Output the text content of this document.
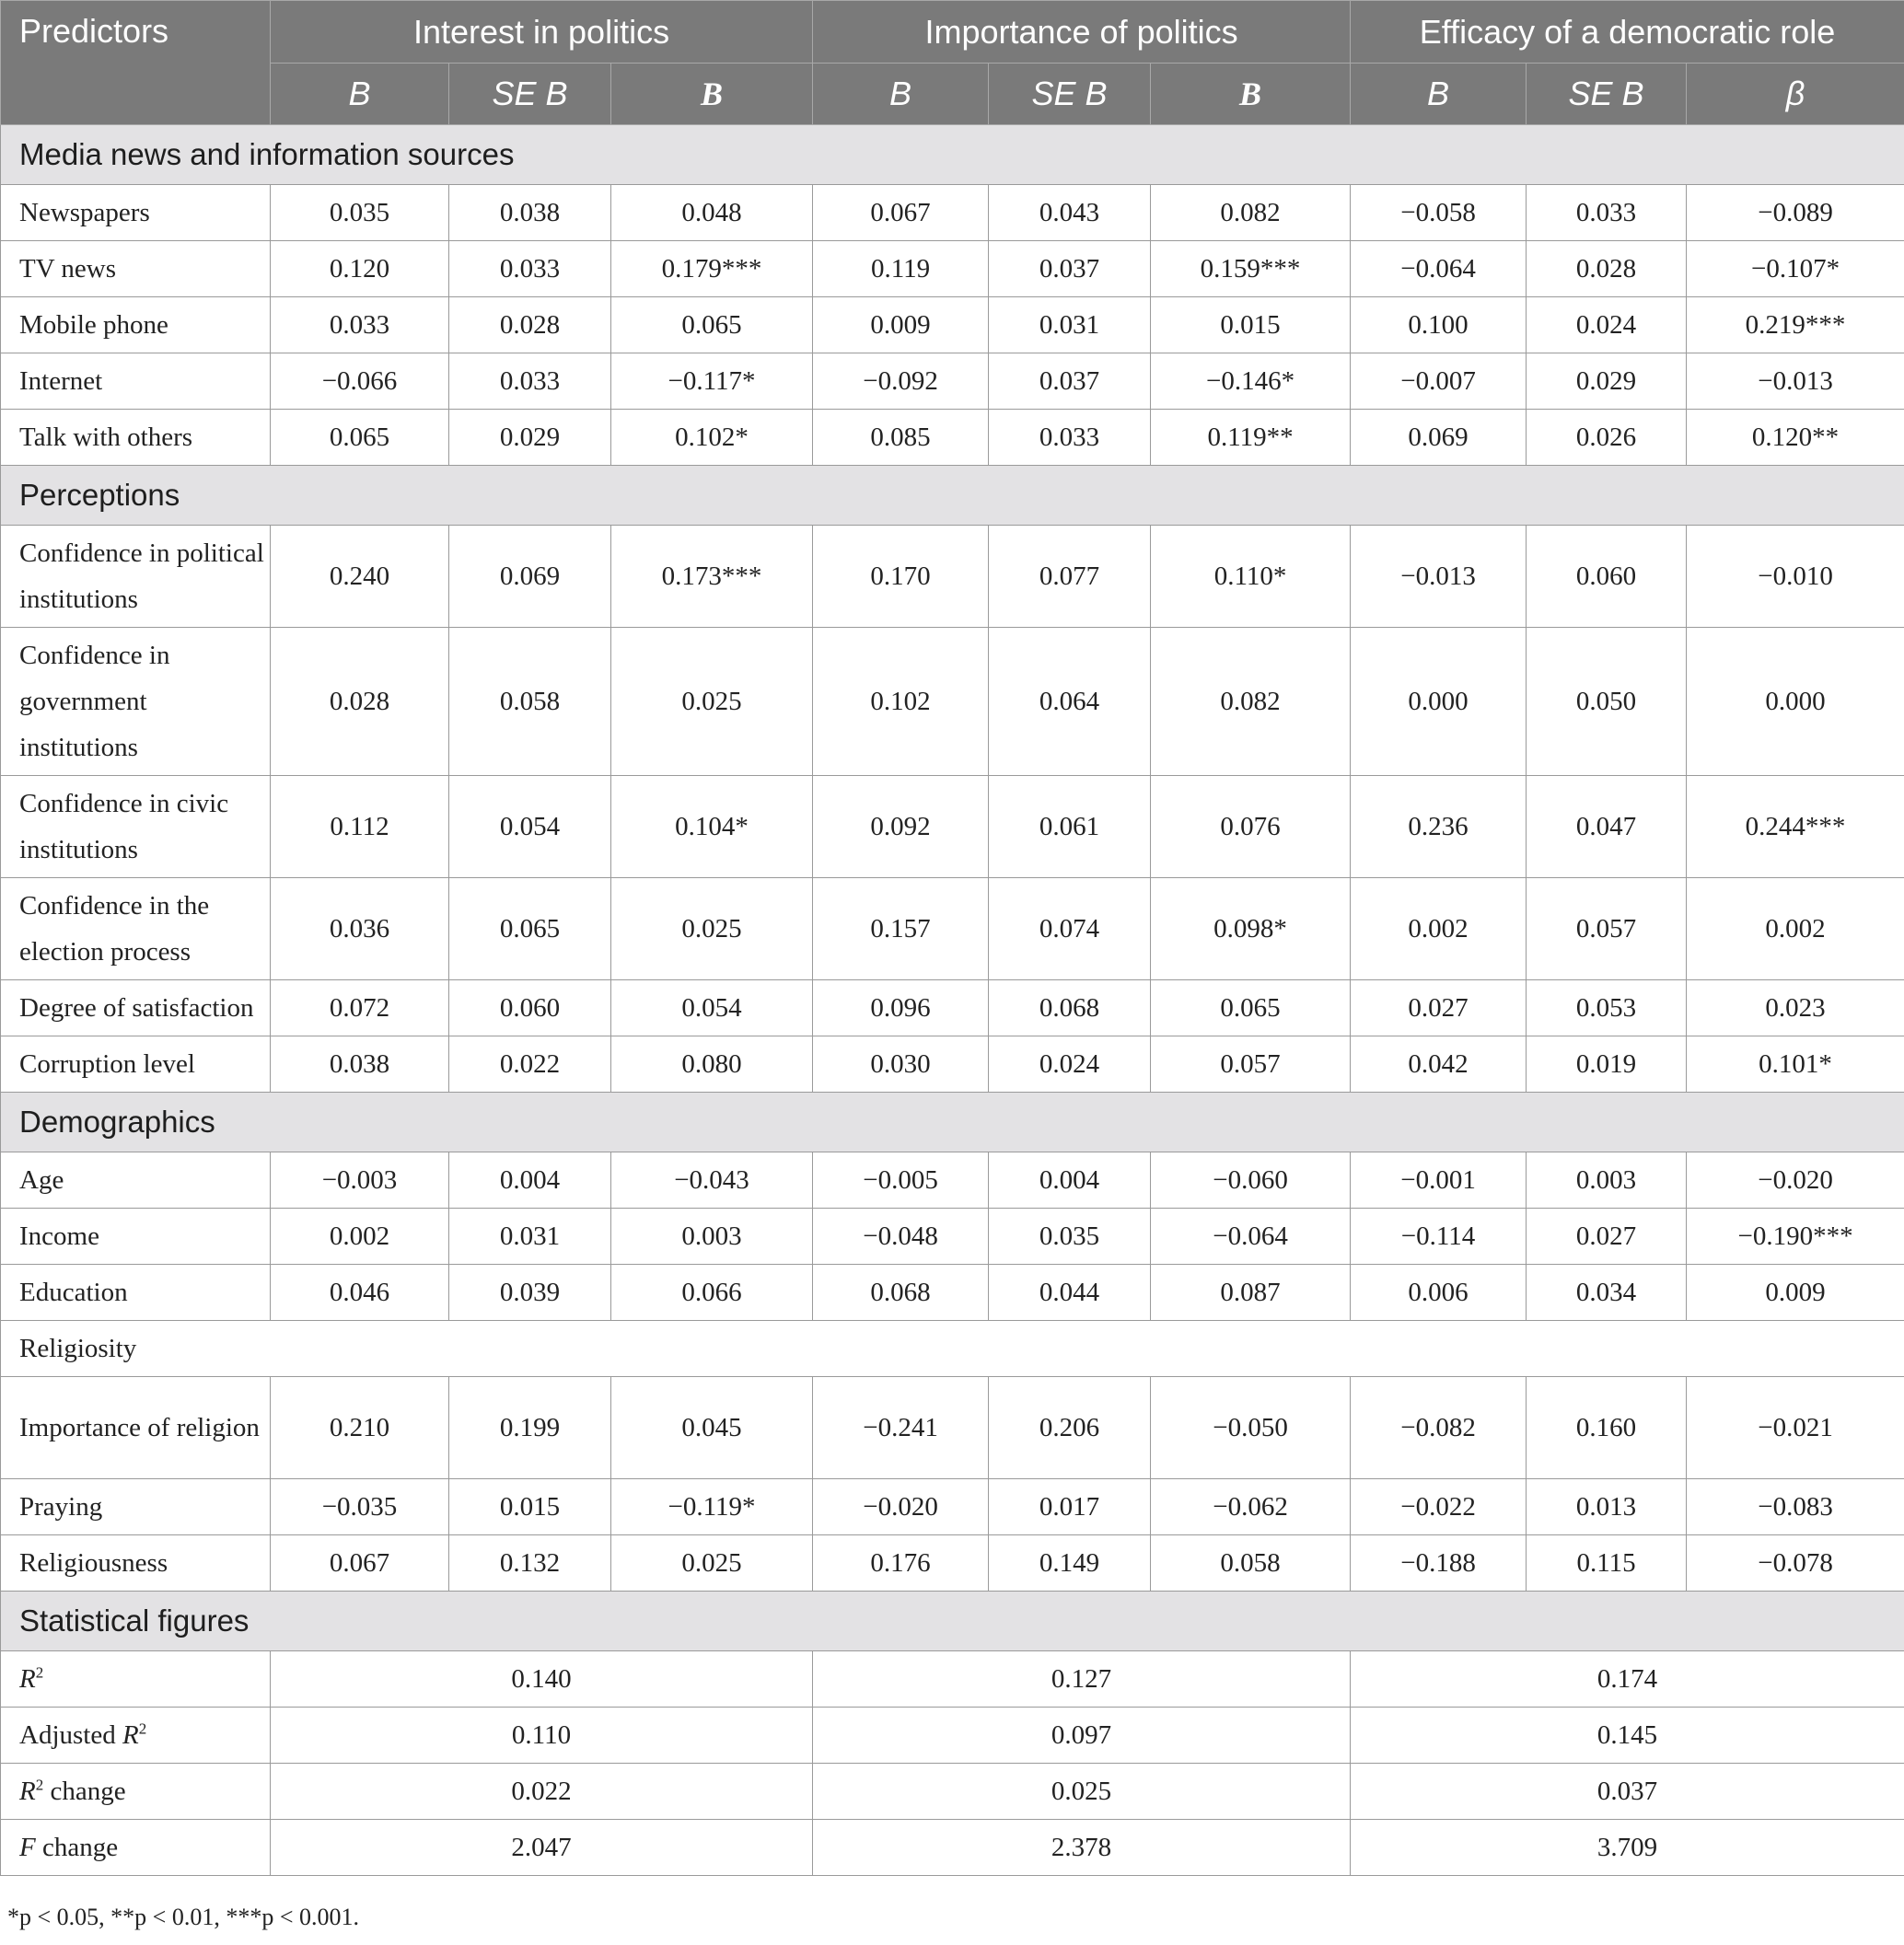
Predictors	Interest in politics			Importance of politics			Efficacy of a democratic role		
	B	SE B	B	B	SE B	B	B	SE B	β
Media news and information sources									
Newspapers	0.035	0.038	0.048	0.067	0.043	0.082	−0.058	0.033	−0.089
TV news	0.120	0.033	0.179***	0.119	0.037	0.159***	−0.064	0.028	−0.107*
Mobile phone	0.033	0.028	0.065	0.009	0.031	0.015	0.100	0.024	0.219***
Internet	−0.066	0.033	−0.117*	−0.092	0.037	−0.146*	−0.007	0.029	−0.013
Talk with others	0.065	0.029	0.102*	0.085	0.033	0.119**	0.069	0.026	0.120**
Perceptions									
Confidence in political institutions	0.240	0.069	0.173***	0.170	0.077	0.110*	−0.013	0.060	−0.010
Confidence in government institutions	0.028	0.058	0.025	0.102	0.064	0.082	0.000	0.050	0.000
Confidence in civic institutions	0.112	0.054	0.104*	0.092	0.061	0.076	0.236	0.047	0.244***
Confidence in the election process	0.036	0.065	0.025	0.157	0.074	0.098*	0.002	0.057	0.002
Degree of satisfaction	0.072	0.060	0.054	0.096	0.068	0.065	0.027	0.053	0.023
Corruption level	0.038	0.022	0.080	0.030	0.024	0.057	0.042	0.019	0.101*
Demographics									
Age	−0.003	0.004	−0.043	−0.005	0.004	−0.060	−0.001	0.003	−0.020
Income	0.002	0.031	0.003	−0.048	0.035	−0.064	−0.114	0.027	−0.190***
Education	0.046	0.039	0.066	0.068	0.044	0.087	0.006	0.034	0.009
Religiosity									
Importance of religion	0.210	0.199	0.045	−0.241	0.206	−0.050	−0.082	0.160	−0.021
Praying	−0.035	0.015	−0.119*	−0.020	0.017	−0.062	−0.022	0.013	−0.083
Religiousness	0.067	0.132	0.025	0.176	0.149	0.058	−0.188	0.115	−0.078
Statistical figures									
$R^2$	0.140			0.127			0.174		
Adjusted $R^2$	0.110			0.097			0.145		
$R^2$ change	0.022			0.025			0.037		
F change	2.047			2.378			3.709		
*p < 0.05, **p < 0.01, ***p < 0.001.
